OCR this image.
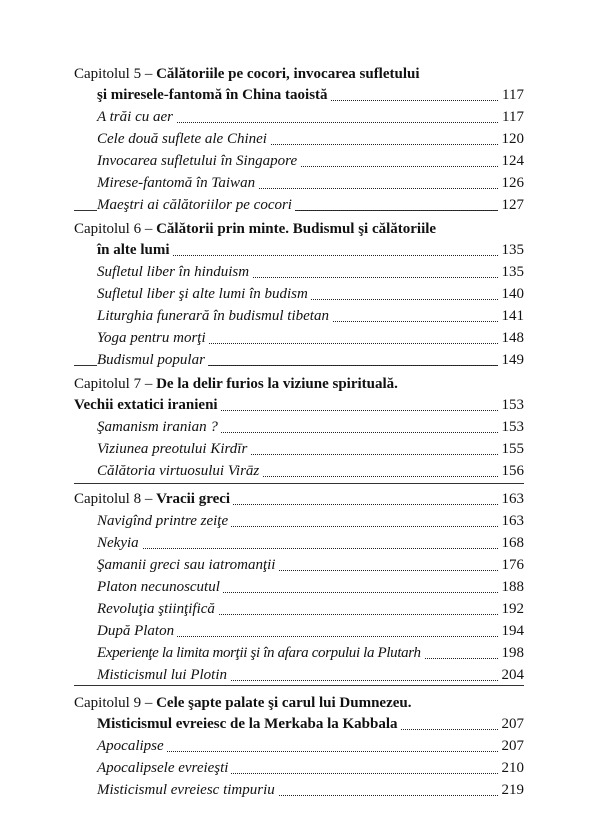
Capitolul 5 – Călătoriile pe cocori, invocarea sufletului
şi miresele-fantomă în China taoistă	117
A trăi cu aer	117
Cele două suflete ale Chinei	120
Invocarea sufletului în Singapore	124
Mirese-fantomă în Taiwan	126
Maeştri ai călătoriilor pe cocori	127
Capitolul 6 – Călătorii prin minte. Budismul şi călătoriile
în alte lumi	135
Sufletul liber în hinduism	135
Sufletul liber şi alte lumi în budism	140
Liturghia funerară în budismul tibetan	141
Yoga pentru morţi	148
Budismul popular	149
Capitolul 7 – De la delir furios la viziune spirituală.
Vechii extatici iranieni	153
Şamanism iranian ?	153
Viziunea preotului Kirdīr	155
Călătoria virtuosului Virāz	156
Capitolul 8 – Vracii greci	163
Navigînd printre zeiţe	163
Nekyia	168
Şamanii greci sau iatromanţii	176
Platon necunoscutul	188
Revoluţia ştiinţifică	192
După Platon	194
Experienţe la limita morţii şi în afara corpului la Plutarh	198
Misticismul lui Plotin	204
Capitolul 9 – Cele şapte palate şi carul lui Dumnezeu.
Misticismul evreiesc de la Merkaba la Kabbala	207
Apocalipse	207
Apocalipsele evreieşti	210
Misticismul evreiesc timpuriu	219
